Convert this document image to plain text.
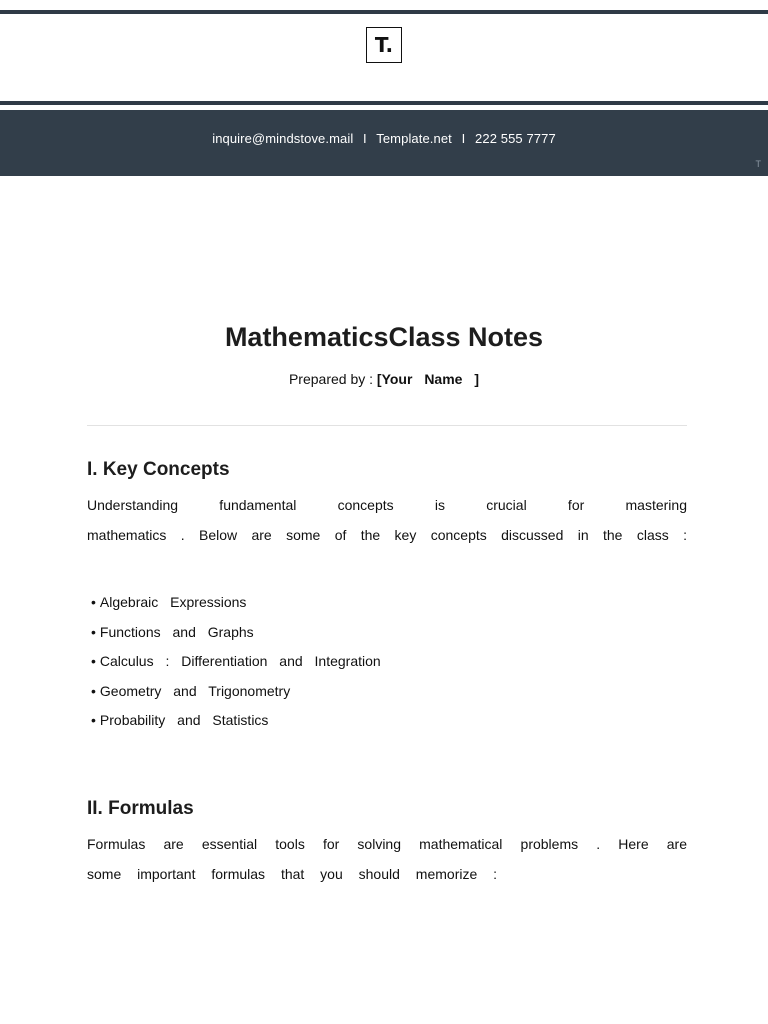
T.
inquire@mindstove.mail I Template.net I 222 555 7777
T
MathematicsClass Notes
Prepared by : [Your Name ]
I. Key Concepts
Understanding fundamental concepts is crucial for mastering
mathematics . Below are some of the key concepts discussed in the class :
• Algebraic Expressions
• Functions and Graphs
• Calculus : Differentiation and Integration
• Geometry and Trigonometry
• Probability and Statistics
II. Formulas
Formulas are essential tools for solving mathematical problems . Here are
some important formulas that you should memorize :
